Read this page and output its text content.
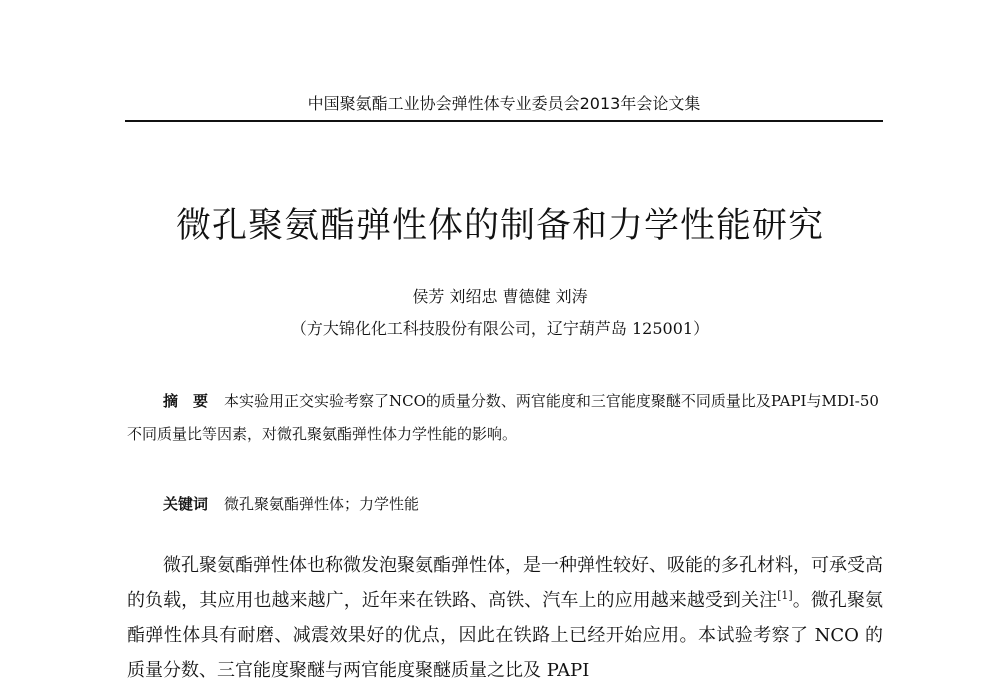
中国聚氨酯工业协会弹性体专业委员会2013年会论文集
微孔聚氨酯弹性体的制备和力学性能研究
侯芳 刘绍忠 曹德健 刘涛
（方大锦化化工科技股份有限公司，辽宁葫芦岛 125001）
摘　要 本实验用正交实验考察了NCO的质量分数、两官能度和三官能度聚醚不同质量比及PAPI与MDI-50不同质量比等因素，对微孔聚氨酯弹性体力学性能的影响。
关键词 微孔聚氨酯弹性体；力学性能
微孔聚氨酯弹性体也称微发泡聚氨酯弹性体，是一种弹性较好、吸能的多孔材料，可承受高的负载，其应用也越来越广，近年来在铁路、高铁、汽车上的应用越来越受到关注[1]。微孔聚氨酯弹性体具有耐磨、减震效果好的优点，因此在铁路上已经开始应用。本试验考察了 NCO 的质量分数、三官能度聚醚与两官能度聚醚质量之比及 PAPI
